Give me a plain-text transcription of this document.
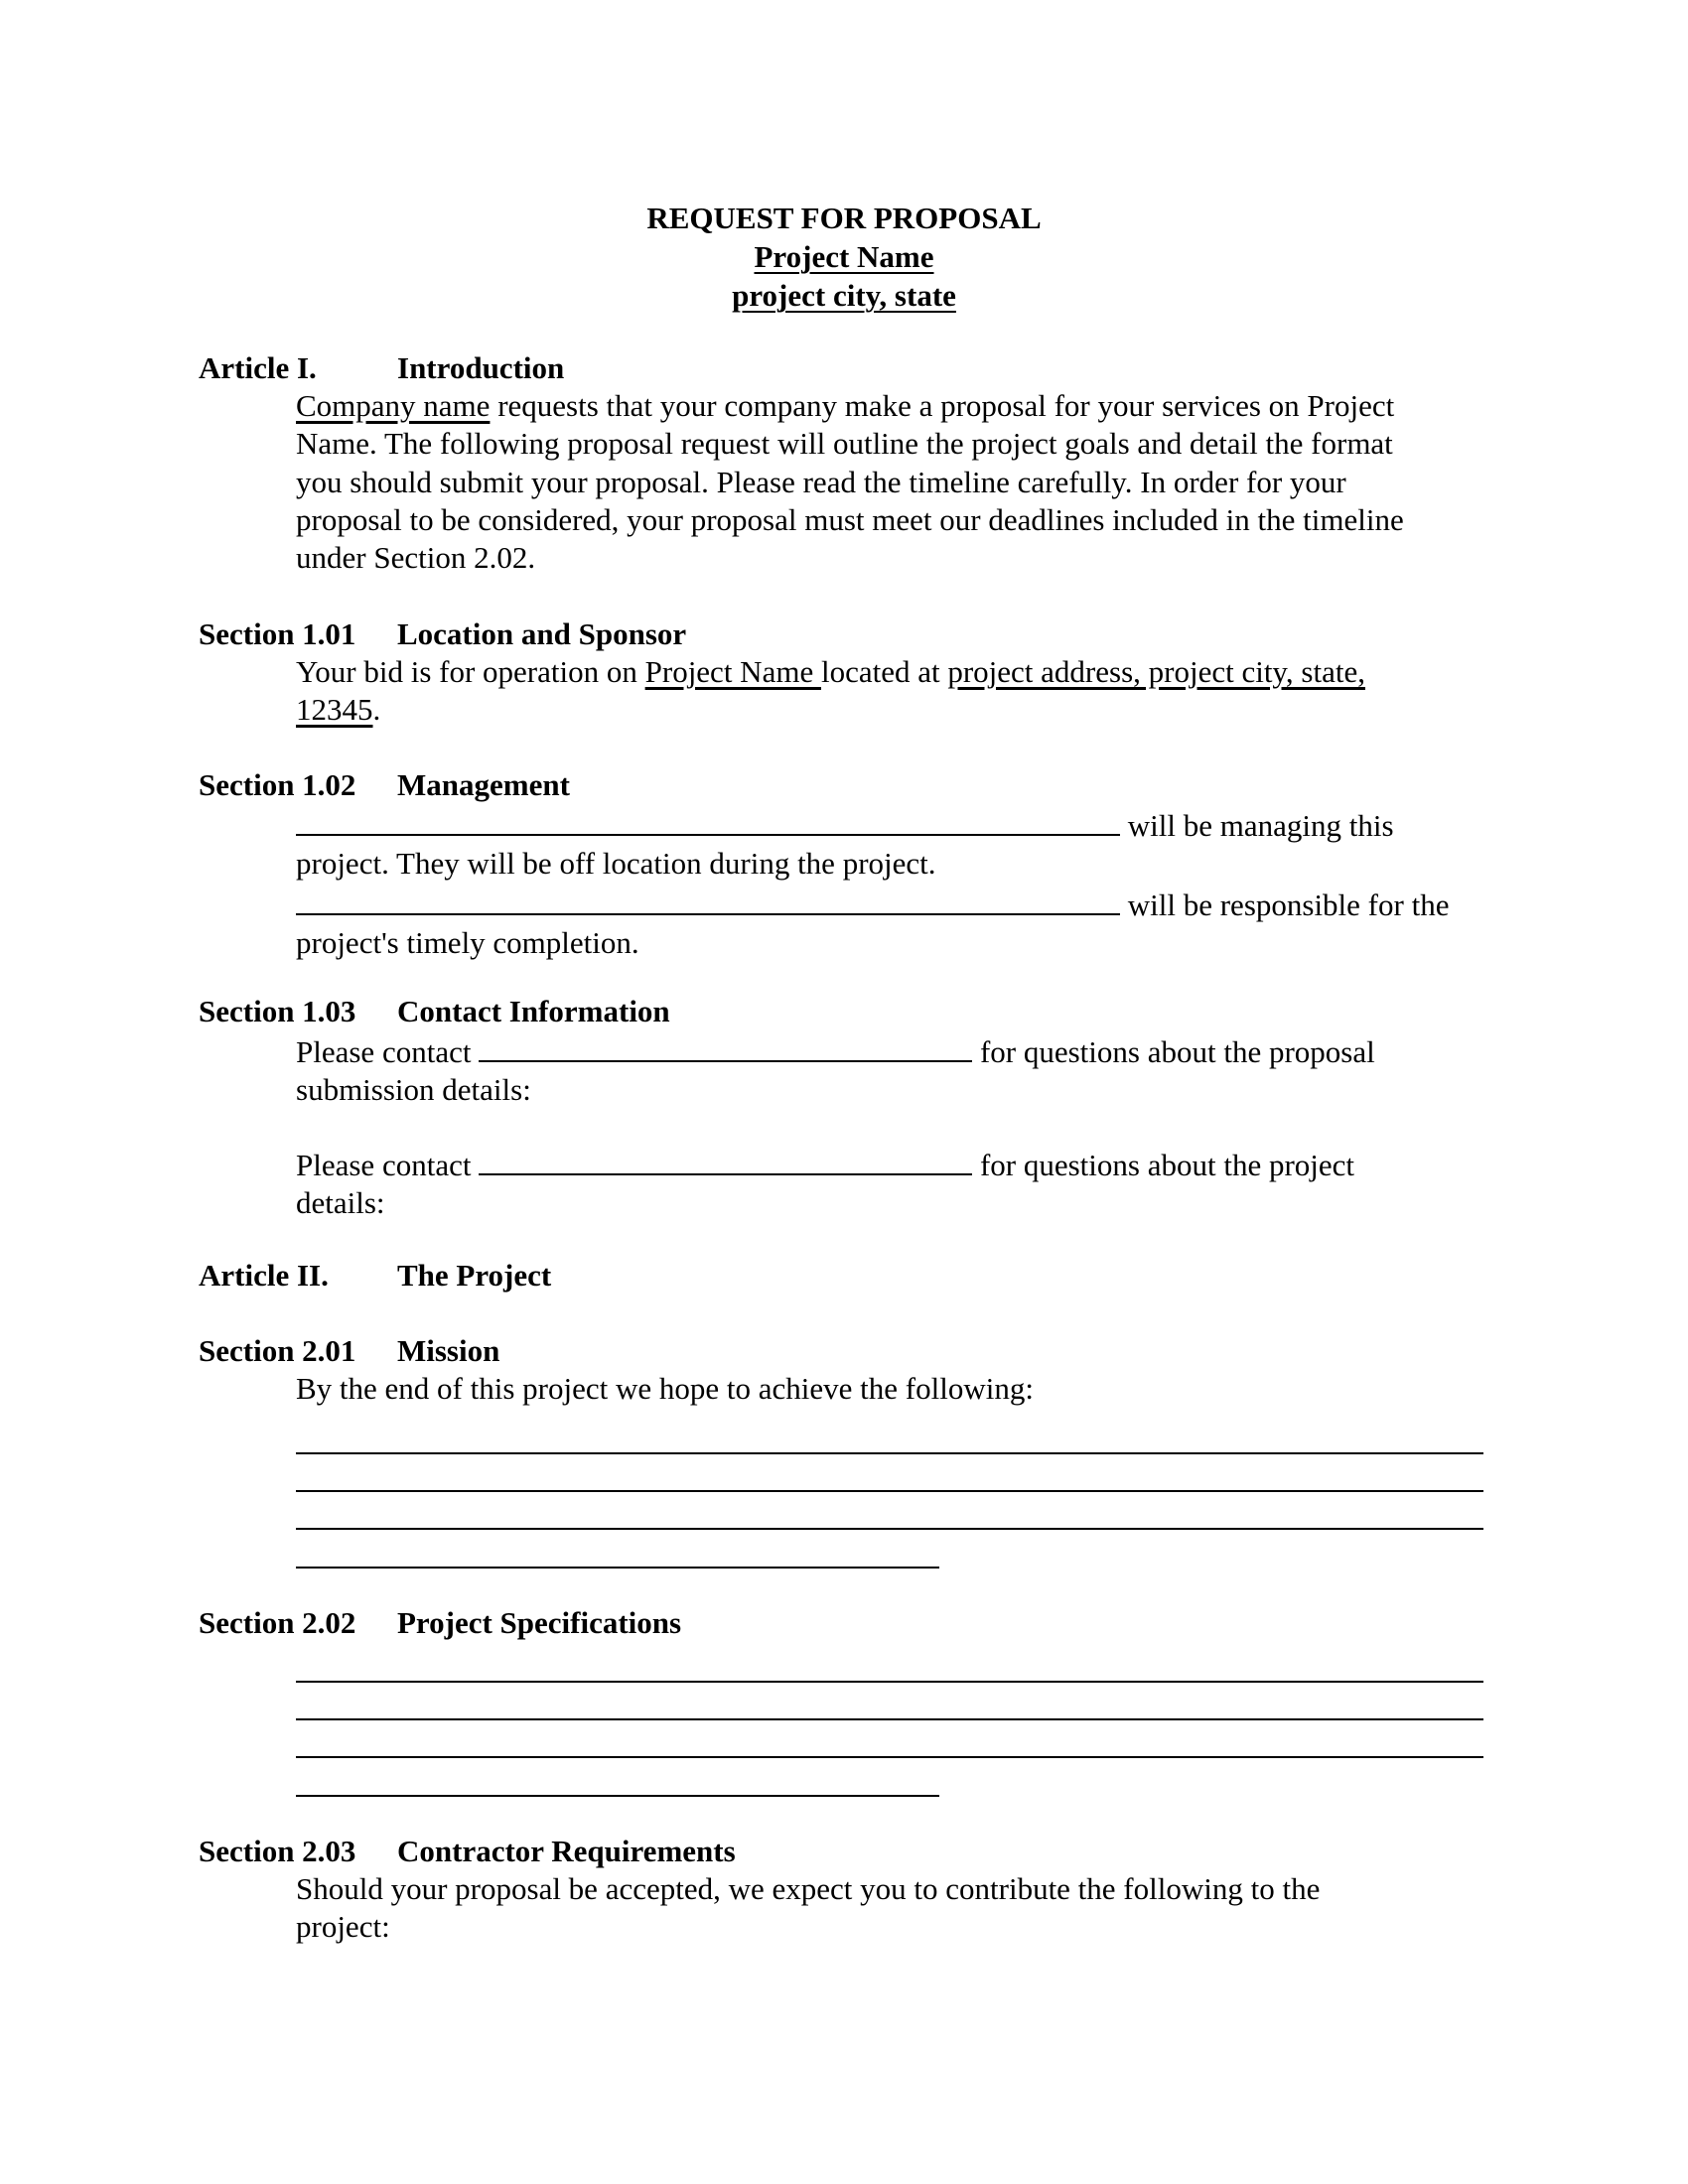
REQUEST FOR PROPOSAL
Project Name
project city, state
Article I.	Introduction
Company name requests that your company make a proposal for your services on Project
Name. The following proposal request will outline the project goals and detail the format
you should submit your proposal. Please read the timeline carefully. In order for your
proposal to be considered, your proposal must meet our deadlines included in the timeline
under Section 2.02.
Section 1.01 Location and Sponsor
Your bid is for operation on Project Name located at project address, project city, state,
12345.
Section 1.02 Management
will be managing this
project. They will be off location during the project.
will be responsible for the
project's timely completion.
Section 1.03 Contact Information
Please contact	for questions about the proposal
submission details:
Please contact	for questions about the project
details:
Article II. The Project
Section 2.01 Mission
By the end of this project we hope to achieve the following:
Section 2.02 Project Specifications
Section 2.03 Contractor Requirements
Should your proposal be accepted, we expect you to contribute the following to the
project:
